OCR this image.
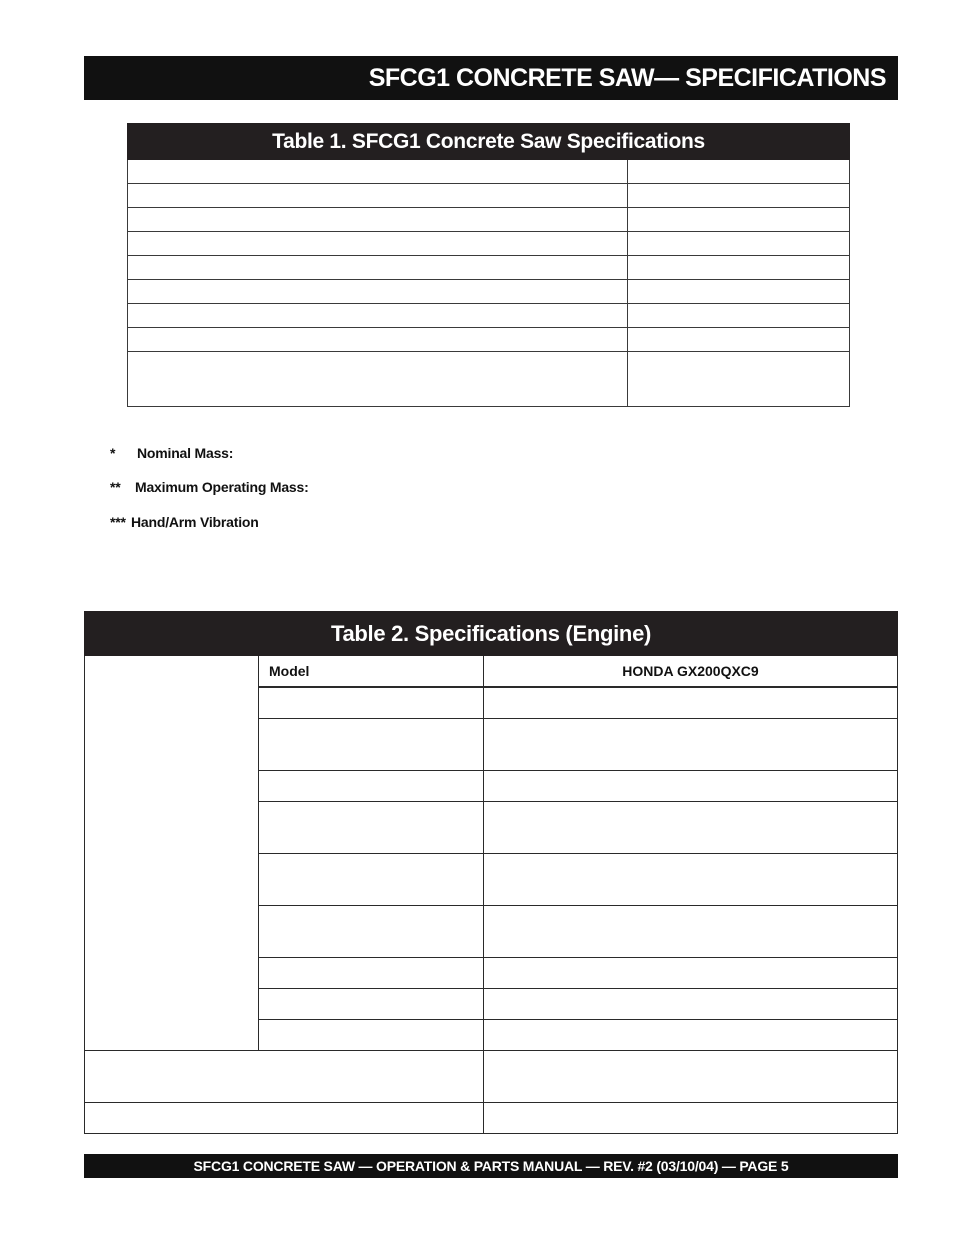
SFCG1 CONCRETE SAW— SPECIFICATIONS
Table 1. SFCG1 Concrete Saw Specifications	

* Nominal Mass:
** Maximum Operating Mass:
*** Hand/Arm Vibration
Table 2. Specifications (Engine)		
	Model	HONDA GX200QXC9

SFCG1 CONCRETE SAW — OPERATION & PARTS MANUAL — REV. #2 (03/10/04) — PAGE 5
